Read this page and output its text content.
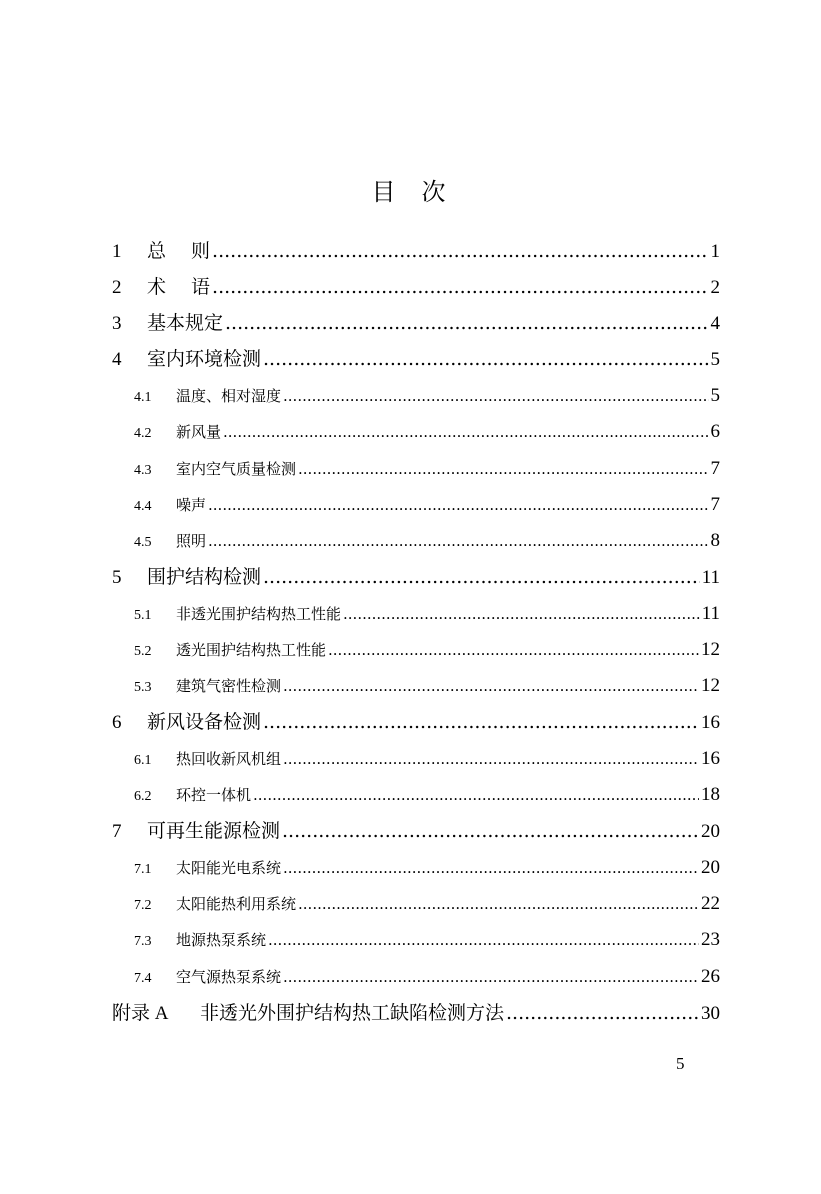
目 次
1	总　 则 .....	1
2	术　 语 .....	2
3	基本规定 .....	4
4	室内环境检测 .....	5
4.1	温度、相对湿度 .....	5
4.2	新风量 .....	6
4.3	室内空气质量检测 .....	7
4.4	噪声 .....	7
4.5	照明 .....	8
5	围护结构检测 .....	11
5.1	非透光围护结构热工性能 .....	11
5.2	透光围护结构热工性能 .....	12
5.3	建筑气密性检测 .....	12
6	新风设备检测 .....	16
6.1	热回收新风机组 .....	16
6.2	环控一体机 .....	18
7	可再生能源检测 .....	20
7.1	太阳能光电系统 .....	20
7.2	太阳能热利用系统 .....	22
7.3	地源热泵系统 .....	23
7.4	空气源热泵系统 .....	26
附录 A	非透光外围护结构热工缺陷检测方法 .....	30
5
